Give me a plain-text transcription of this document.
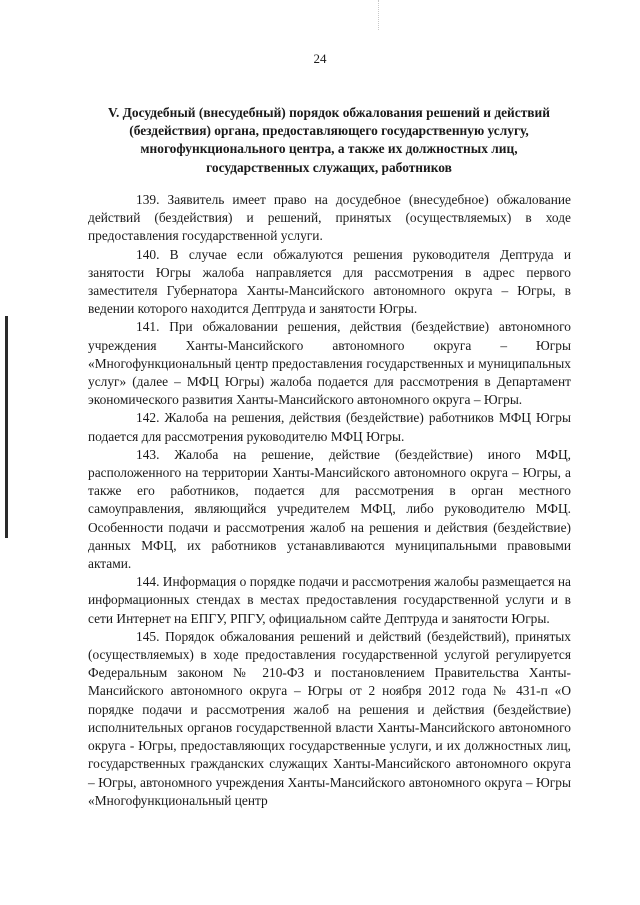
24
V. Досудебный (внесудебный) порядок обжалования решений и действий (бездействия) органа, предоставляющего государственную услугу, многофункционального центра, а также их должностных лиц, государственных служащих, работников

139. Заявитель имеет право на досудебное (внесудебное) обжалование действий (бездействия) и решений, принятых (осуществляемых) в ходе предоставления государственной услуги.

140. В случае если обжалуются решения руководителя Дептруда и занятости Югры жалоба направляется для рассмотрения в адрес первого заместителя Губернатора Ханты-Мансийского автономного округа – Югры, в ведении которого находится Дептруда и занятости Югры.

141. При обжаловании решения, действия (бездействие) автономного учреждения Ханты-Мансийского автономного округа – Югры «Многофункциональный центр предоставления государственных и муниципальных услуг» (далее – МФЦ Югры) жалоба подается для рассмотрения в Департамент экономического развития Ханты-Мансийского автономного округа – Югры.

142. Жалоба на решения, действия (бездействие) работников МФЦ Югры подается для рассмотрения руководителю МФЦ Югры.

143. Жалоба на решение, действие (бездействие) иного МФЦ, расположенного на территории Ханты-Мансийского автономного округа – Югры, а также его работников, подается для рассмотрения в орган местного самоуправления, являющийся учредителем МФЦ, либо руководителю МФЦ. Особенности подачи и рассмотрения жалоб на решения и действия (бездействие) данных МФЦ, их работников устанавливаются муниципальными правовыми актами.

144. Информация о порядке подачи и рассмотрения жалобы размещается на информационных стендах в местах предоставления государственной услуги и в сети Интернет на ЕПГУ, РПГУ, официальном сайте Дептруда и занятости Югры.

145. Порядок обжалования решений и действий (бездействий), принятых (осуществляемых) в ходе предоставления государственной услугой регулируется Федеральным законом № 210-ФЗ и постановлением Правительства Ханты-Мансийского автономного округа – Югры от 2 ноября 2012 года № 431-п «О порядке подачи и рассмотрения жалоб на решения и действия (бездействие) исполнительных органов государственной власти Ханты-Мансийского автономного округа - Югры, предоставляющих государственные услуги, и их должностных лиц, государственных гражданских служащих Ханты-Мансийского автономного округа – Югры, автономного учреждения Ханты-Мансийского автономного округа – Югры «Многофункциональный центр
